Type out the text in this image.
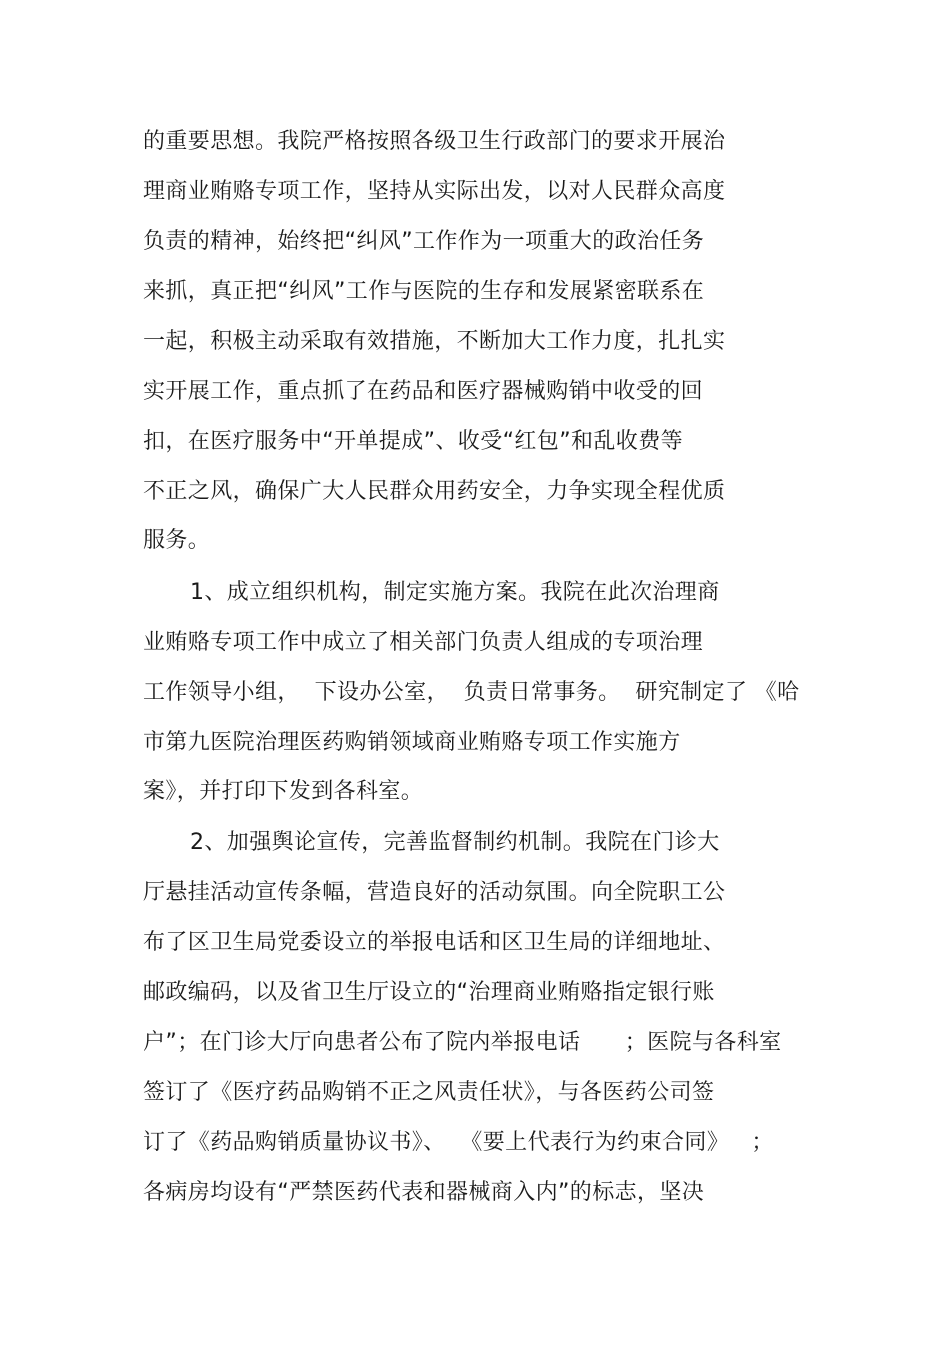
的重要思想。我院严格按照各级卫生行政部门的要求开展治
理商业贿赂专项工作，坚持从实际出发，以对人民群众高度
负责的精神，始终把“纠风”工作作为一项重大的政治任务
来抓，真正把“纠风”工作与医院的生存和发展紧密联系在
一起，积极主动采取有效措施，不断加大工作力度，扎扎实
实开展工作，重点抓了在药品和医疗器械购销中收受的回
扣，在医疗服务中“开单提成”、收受“红包”和乱收费等
不正之风，确保广大人民群众用药安全，力争实现全程优质
服务。
1、成立组织机构，制定实施方案。我院在此次治理商
业贿赂专项工作中成立了相关部门负责人组成的专项治理
工作领导小组，  下设办公室，  负责日常事务。  研究制定了 《哈
市第九医院治理医药购销领域商业贿赂专项工作实施方
案》，并打印下发到各科室。
2、加强舆论宣传，完善监督制约机制。我院在门诊大
厅悬挂活动宣传条幅，营造良好的活动氛围。向全院职工公
布了区卫生局党委设立的举报电话和区卫生局的详细地址、
邮政编码，以及省卫生厅设立的“治理商业贿赂指定银行账
户”；在门诊大厅向患者公布了院内举报电话      ；医院与各科室
签订了《医疗药品购销不正之风责任状》，与各医药公司签
订了《药品购销质量协议书》、  《要上代表行为约束合同》   ；
各病房均设有“严禁医药代表和器械商入内”的标志，坚决
